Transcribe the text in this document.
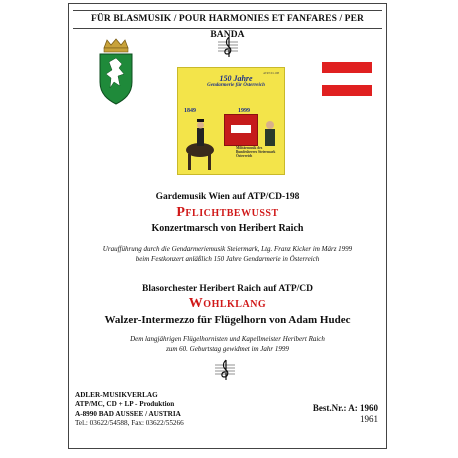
FÜR BLASMUSIK / POUR HARMONIES ET FANFARES / PER BANDA
ATP/CD-198
150 Jahre
Gendarmerie für Österreich
1849	1999
Militärmusik des Bundesheeres Steiermark Österreich
Gardemusik Wien auf ATP/CD-198
Pflichtbewusst
Konzertmarsch von Heribert Raich
Uraufführung durch die Gendarmeriemusik Steiermark, Ltg. Franz Kicker im März 1999
beim Festkonzert anläßlich 150 Jahre Gendarmerie in Österreich
Blasorchester Heribert Raich auf ATP/CD
Wohlklang
Walzer-Intermezzo für Flügelhorn von Adam Hudec
Dem langjährigen Flügelhornisten und Kapellmeister Heribert Raich
zum 60. Geburtstag gewidmet im Jahr 1999
ADLER-MUSIKVERLAG
ATP/MC, CD + LP - Produktion
A-8990 BAD AUSSEE / AUSTRIA
Tel.: 03622/54588, Fax: 03622/55266
Best.Nr.: A: 1960
1961
